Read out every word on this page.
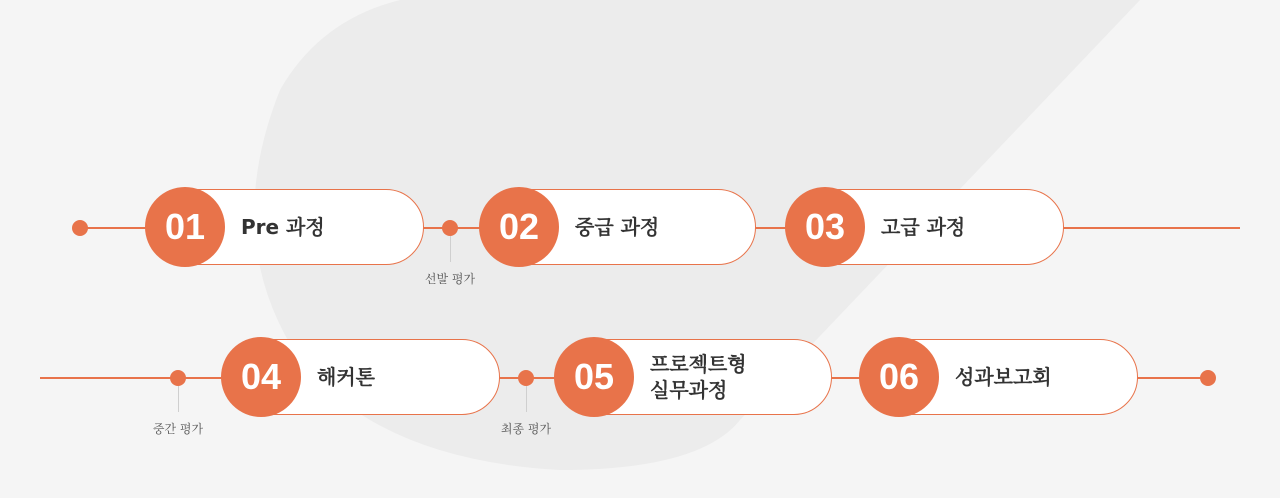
01	Pre 과정
선발 평가
02	중급 과정	03	고급 과정
중간 평가
04	해커톤
최종 평가
05	프로젝트형
실무과정	06	성과보고회
